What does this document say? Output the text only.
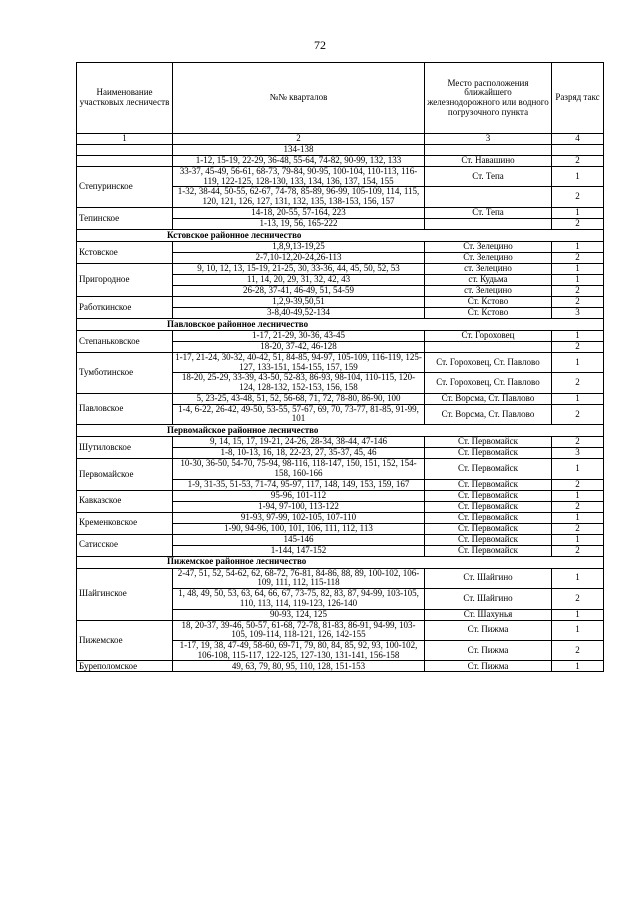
72
Наименование участковых лесничеств	№№ кварталов	Место расположения ближайшего железнодорожного или водного погрузочного пункта	Разряд такс
1	2	3	4
	134-138		
	1-12, 15-19, 22-29, 36-48, 55-64, 74-82, 90-99, 132, 133	Ст. Навашино	2
Степуринское	33-37, 45-49, 56-61, 68-73, 79-84, 90-95, 100-104, 110-113, 116-119, 122-125, 128-130, 133, 134, 136, 137, 154, 155	Ст. Тепа	1
	1-32, 38-44, 50-55, 62-67, 74-78, 85-89, 96-99, 105-109, 114, 115, 120, 121, 126, 127, 131, 132, 135, 138-153, 156, 157		2
Тепинское	14-18, 20-55, 57-164, 223	Ст. Тепа	1
	1-13, 19, 56, 165-222		2
Кстовское районное лесничество			
Кстовское	1,8,9,13-19,25	Ст. Зелецино	1
	2-7,10-12,20-24,26-113	Ст. Зелецино	2
Пригородное	9, 10, 12, 13, 15-19, 21-25, 30, 33-36, 44, 45, 50, 52, 53	ст. Зелецино	1
	11, 14, 20, 29, 31, 32, 42, 43	ст. Кудьма	1
	26-28, 37-41, 46-49, 51, 54-59	ст. Зелецино	2
Работкинское	1,2,9-39,50,51	Ст. Кстово	2
	3-8,40-49,52-134	Ст. Кстово	3
Павловское районное лесничество			
Степаньковское	1-17, 21-29, 30-36, 43-45	Ст. Гороховец	1
	18-20, 37-42, 46-128		2
Тумботинское	1-17, 21-24, 30-32, 40-42, 51, 84-85, 94-97, 105-109, 116-119, 125-127, 133-151, 154-155, 157, 159	Ст. Гороховец, Ст. Павлово	1
	18-20, 25-29, 33-39, 43-50, 52-83, 86-93, 98-104, 110-115, 120-124, 128-132, 152-153, 156, 158	Ст. Гороховец, Ст. Павлово	2
Павловское	5, 23-25, 43-48, 51, 52, 56-68, 71, 72, 78-80, 86-90, 100	Ст. Ворсма, Ст. Павлово	1
	1-4, 6-22, 26-42, 49-50, 53-55, 57-67, 69, 70, 73-77, 81-85, 91-99, 101	Ст. Ворсма, Ст. Павлово	2
Первомайское районное лесничество			
Шутиловское	9, 14, 15, 17, 19-21, 24-26, 28-34, 38-44, 47-146	Ст. Первомайск	2
	1-8, 10-13, 16, 18, 22-23, 27, 35-37, 45, 46	Ст. Первомайск	3
Первомайское	10-30, 36-50, 54-70, 75-94, 98-116, 118-147, 150, 151, 152, 154-158, 160-166	Ст. Первомайск	1
	1-9, 31-35, 51-53, 71-74, 95-97, 117, 148, 149, 153, 159, 167	Ст. Первомайск	2
Кавказское	95-96, 101-112	Ст. Первомайск	1
	1-94, 97-100, 113-122	Ст. Первомайск	2
Кременковское	91-93, 97-99, 102-105, 107-110	Ст. Первомайск	1
	1-90, 94-96, 100, 101, 106, 111, 112, 113	Ст. Первомайск	2
Сатисское	145-146	Ст. Первомайск	1
	1-144, 147-152	Ст. Первомайск	2
Пижемское районное лесничество			
Шайгинское	2-47, 51, 52, 54-62, 62, 68-72, 76-81, 84-86, 88, 89, 100-102, 106-109, 111, 112, 115-118	Ст. Шайгино	1
	1, 48, 49, 50, 53, 63, 64, 66, 67, 73-75, 82, 83, 87, 94-99, 103-105, 110, 113, 114, 119-123, 126-140	Ст. Шайгино	2
	90-93, 124, 125	Ст. Шахунья	1
Пижемское	18, 20-37, 39-46, 50-57, 61-68, 72-78, 81-83, 86-91, 94-99, 103-105, 109-114, 118-121, 126, 142-155	Ст. Пижма	1
	1-17, 19, 38, 47-49, 58-60, 69-71, 79, 80, 84, 85, 92, 93, 100-102, 106-108, 115-117, 122-125, 127-130, 131-141, 156-158	Ст. Пижма	2
Буреполомское	49, 63, 79, 80, 95, 110, 128, 151-153	Ст. Пижма	1
